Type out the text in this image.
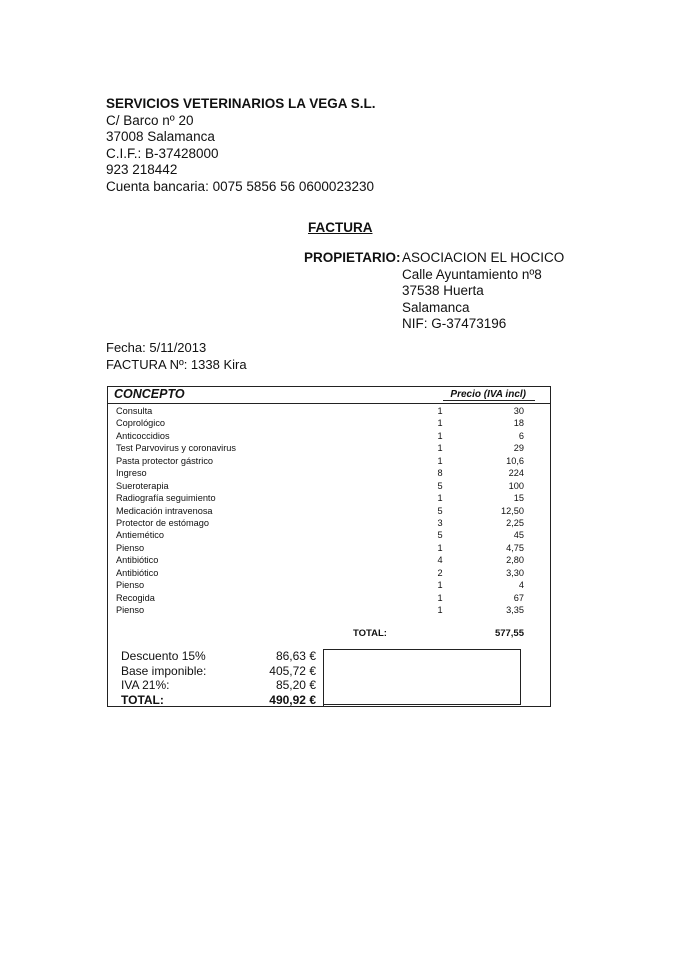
SERVICIOS VETERINARIOS LA VEGA S.L.
C/ Barco nº 20
37008 Salamanca
C.I.F.: B-37428000
923 218442
Cuenta bancaria: 0075 5856 56 0600023230
FACTURA
PROPIETARIO:ASOCIACION EL HOCICO
Calle Ayuntamiento nº8
37538 Huerta
Salamanca
NIF: G-37473196
Fecha: 5/11/2013
FACTURA Nº: 1338 Kira
CONCEPTO	Precio (IVA incl)
Consulta	1	30
Coprológico	1	18
Anticoccidios	1	6
Test Parvovirus y coronavirus	1	29
Pasta protector gástrico	1	10,6
Ingreso	8	224
Sueroterapia	5	100
Radiografía seguimiento	1	15
Medicación intravenosa	5	12,50
Protector de estómago	3	2,25
Antiemético	5	45
Pienso	1	4,75
Antibiótico	4	2,80
Antibiótico	2	3,30
Pienso	1	4
Recogida	1	67
Pienso	1	3,35
TOTAL:	577,55
Descuento 15%	86,63 €
Base imponible:	405,72 €
IVA 21%:	85,20 €
TOTAL:	490,92 €
